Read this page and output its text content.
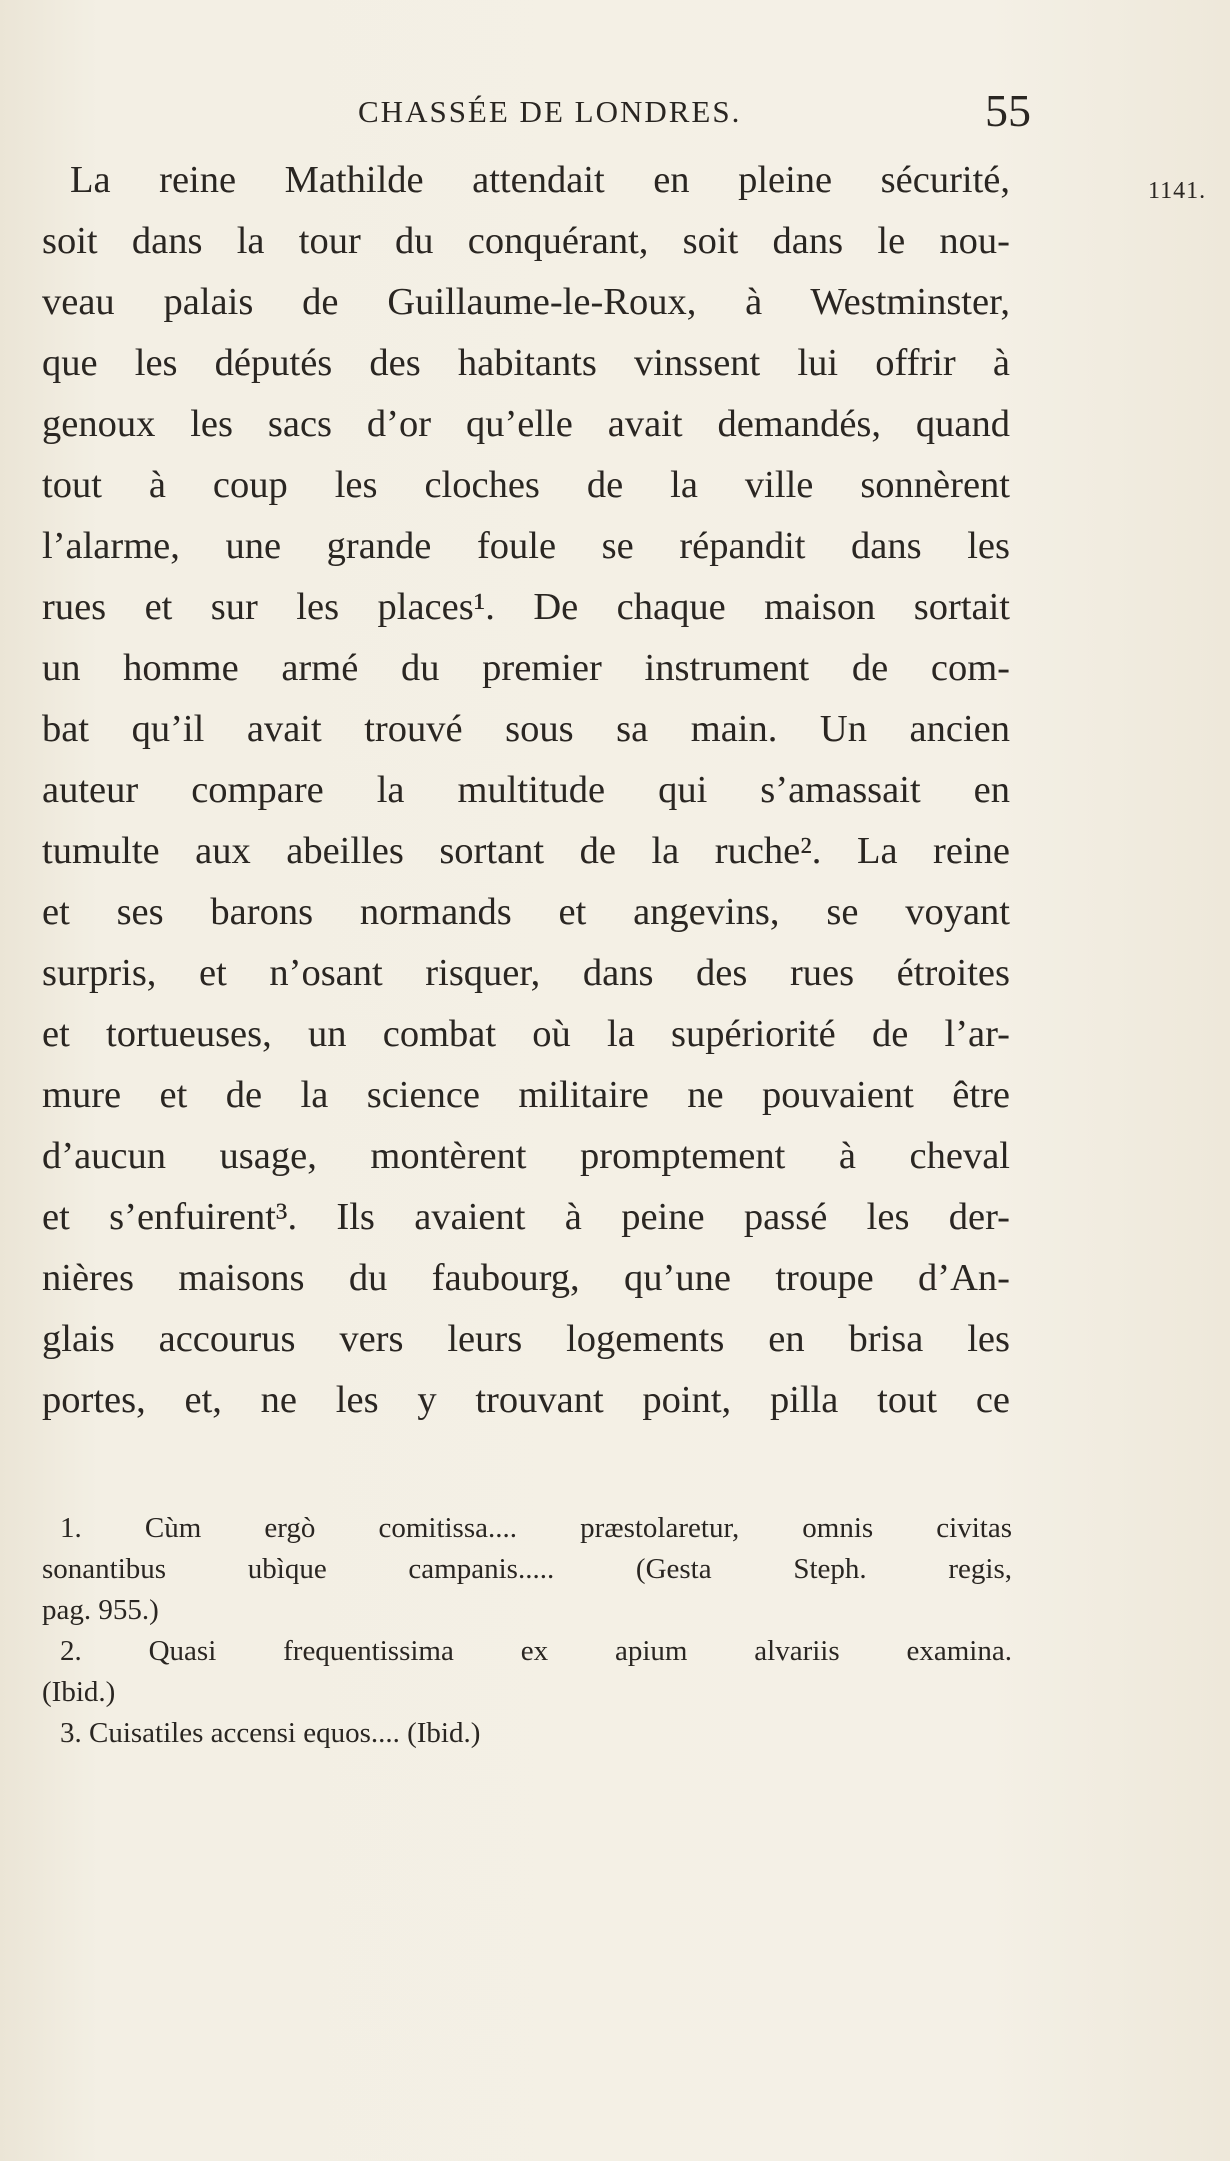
CHASSÉE DE LONDRES.	55
1141.
La reine Mathilde attendait en pleine sécurité,
soit dans la tour du conquérant, soit dans le nou-
veau palais de Guillaume-le-Roux, à Westminster,
que les députés des habitants vinssent lui offrir à
genoux les sacs d’or qu’elle avait demandés, quand
tout à coup les cloches de la ville sonnèrent
l’alarme, une grande foule se répandit dans les
rues et sur les places¹. De chaque maison sortait
un homme armé du premier instrument de com-
bat qu’il avait trouvé sous sa main. Un ancien
auteur compare la multitude qui s’amassait en
tumulte aux abeilles sortant de la ruche². La reine
et ses barons normands et angevins, se voyant
surpris, et n’osant risquer, dans des rues étroites
et tortueuses, un combat où la supériorité de l’ar-
mure et de la science militaire ne pouvaient être
d’aucun usage, montèrent promptement à cheval
et s’enfuirent³. Ils avaient à peine passé les der-
nières maisons du faubourg, qu’une troupe d’An-
glais accourus vers leurs logements en brisa les
portes, et, ne les y trouvant point, pilla tout ce
1. Cùm ergò comitissa.... præstolaretur, omnis civitas
sonantibus ubìque campanis..... (Gesta Steph. regis,
pag. 955.)
2. Quasi frequentissima ex apium alvariis examina.
(Ibid.)
3. Cuisatiles accensi equos.... (Ibid.)
